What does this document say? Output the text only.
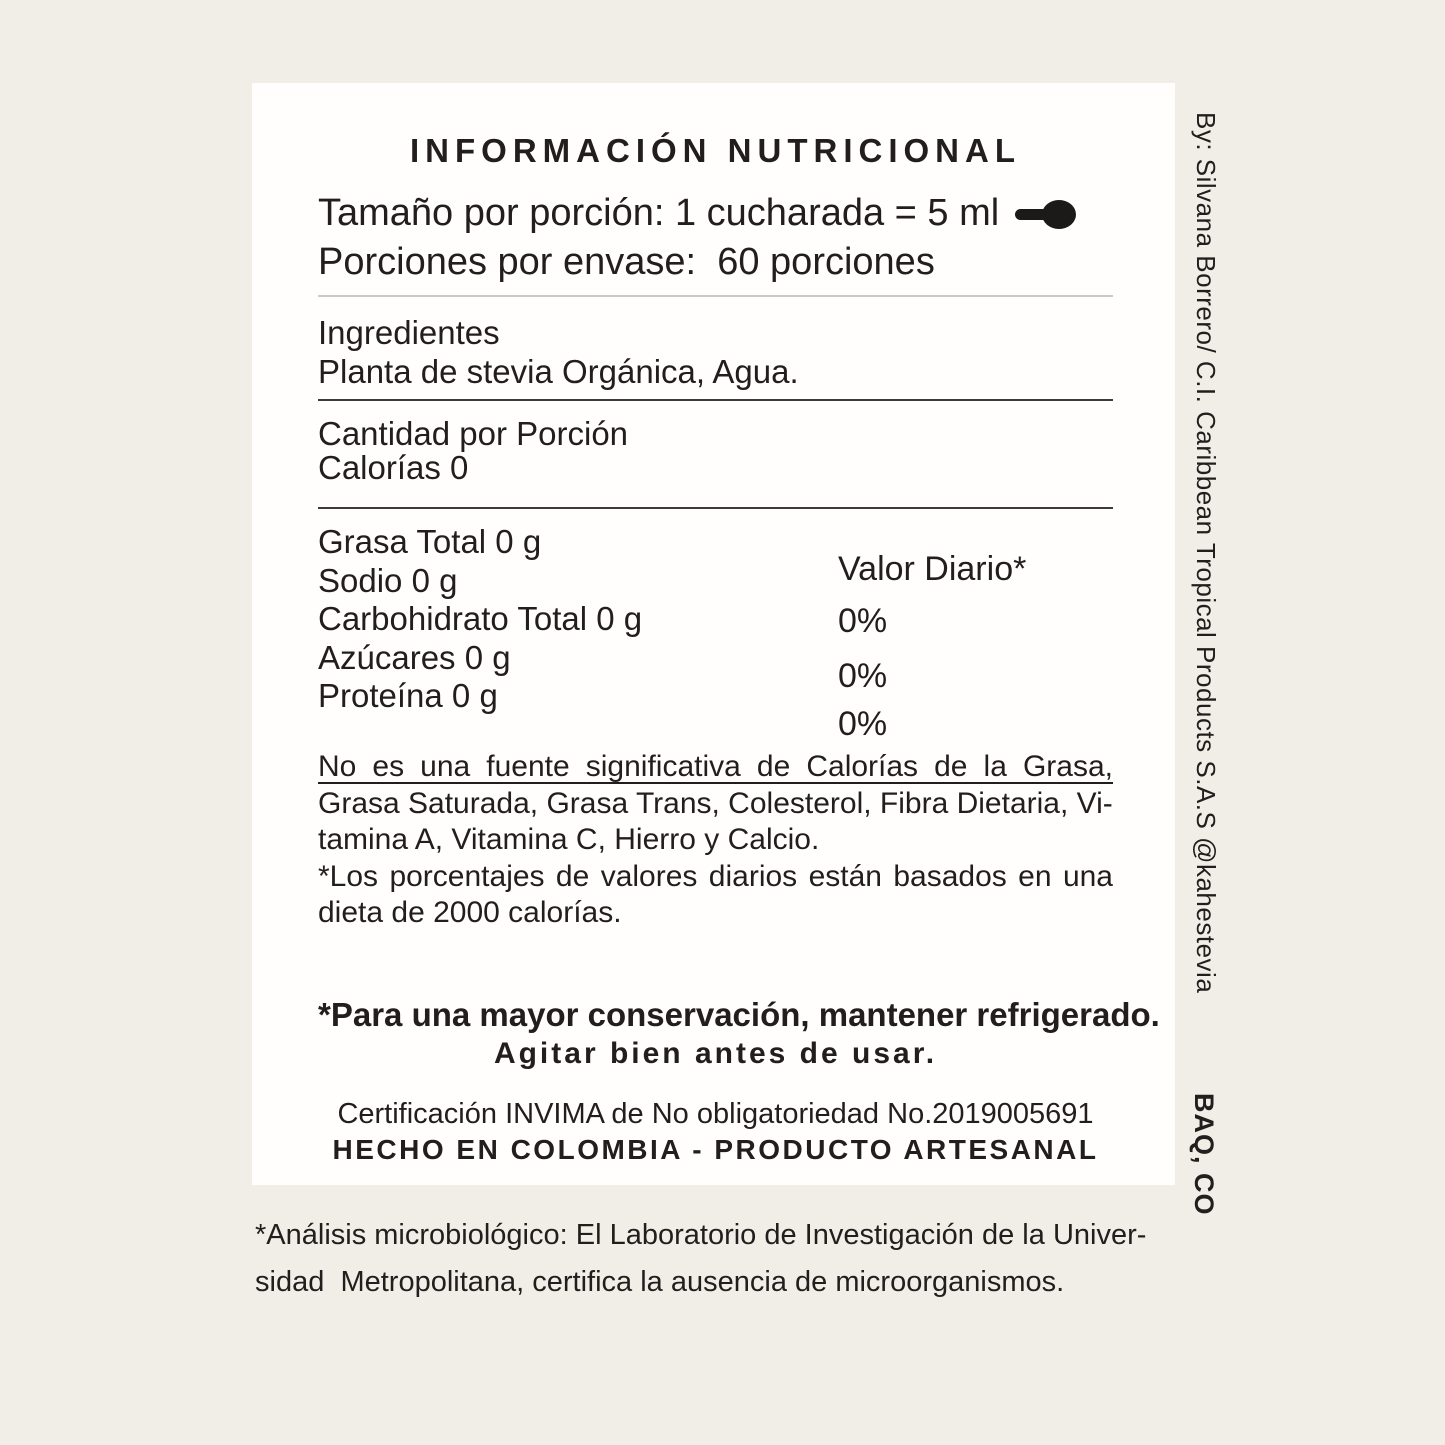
INFORMACIÓN NUTRICIONAL
Tamaño por porción: 1 cucharada = 5 ml
Porciones por envase:  60 porciones
Ingredientes
Planta de stevia Orgánica, Agua.
Cantidad por Porción
Calorías 0
Grasa Total 0 g
Sodio 0 g
Carbohidrato Total 0 g
Azúcares 0 g
Proteína 0 g
Valor Diario*
0%
0%
0%
No es una fuente significativa de Calorías de la Grasa,
Grasa Saturada, Grasa Trans, Colesterol, Fibra Dietaria, Vi-
tamina A, Vitamina C, Hierro y Calcio.
*Los porcentajes de valores diarios están basados en una
dieta de 2000 calorías.
*Para una mayor conservación, mantener refrigerado.
Agitar bien antes de usar.
Certificación INVIMA de No obligatoriedad No.2019005691
HECHO EN COLOMBIA - PRODUCTO ARTESANAL
By: Silvana Borrero/ C.I. Caribbean Tropical Products S.A.S @kahestevia
BAQ, CO
*Análisis microbiológico: El Laboratorio de Investigación de la Univer-
sidad  Metropolitana, certifica la ausencia de microorganismos.
